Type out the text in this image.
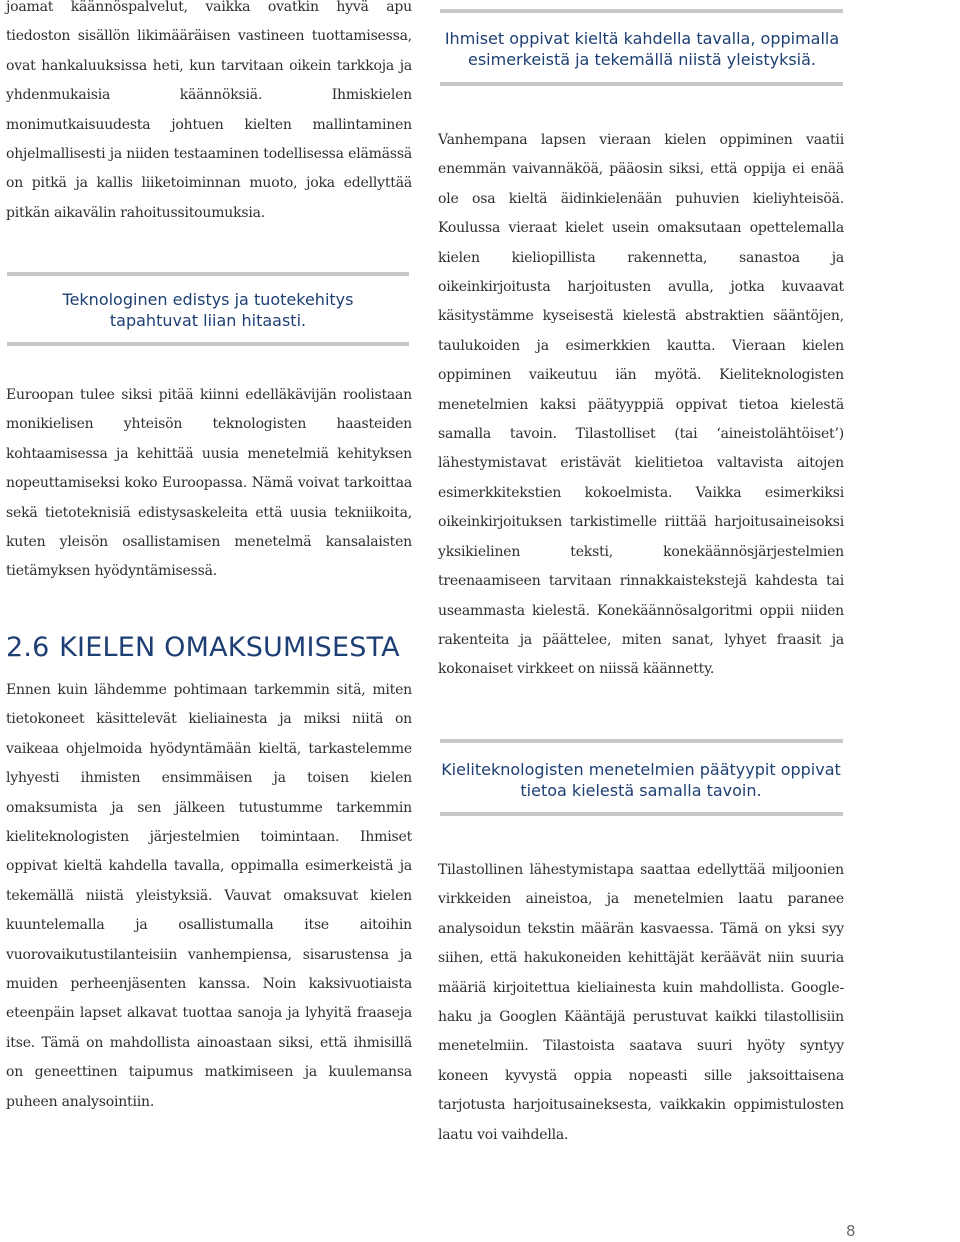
joamat käännöspalvelut, vaikka ovatkin hyvä apu tiedoston sisällön likimääräisen vastineen tuottamisessa, ovat hankaluuksissa heti, kun tarvitaan oikein tarkkoja ja yhdenmukaisia käännöksiä. Ihmiskielen monimutkaisuudesta johtuen kielten mallintaminen ohjelmallisesti ja niiden testaaminen todellisessa elämässä on pitkä ja kallis liiketoiminnan muoto, joka edellyttää pitkän aikavälin rahoitussitoumuksia.

Teknologinen edistys ja tuotekehitys tapahtuvat liian hitaasti.

Euroopan tulee siksi pitää kiinni edelläkävijän roolistaan monikielisen yhteisön teknologisten haasteiden kohtaamisessa ja kehittää uusia menetelmiä kehityksen nopeuttamiseksi koko Euroopassa. Nämä voivat tarkoittaa sekä tietoteknisiä edistysaskeleita että uusia tekniikoita, kuten yleisön osallistamisen menetelmä kansalaisten tietämyksen hyödyntämisessä.

2.6 KIELEN OMAKSUMISESTA

Ennen kuin lähdemme pohtimaan tarkemmin sitä, miten tietokoneet käsittelevät kieliainesta ja miksi niitä on vaikeaa ohjelmoida hyödyntämään kieltä, tarkastelemme lyhyesti ihmisten ensimmäisen ja toisen kielen omaksumista ja sen jälkeen tutustumme tarkemmin kieliteknologisten järjestelmien toimintaan. Ihmiset oppivat kieltä kahdella tavalla, oppimalla esimerkeistä ja tekemällä niistä yleistyksiä. Vauvat omaksuvat kielen kuuntelemalla ja osallistumalla itse aitoihin vuorovaikutustilanteisiin vanhempiensa, sisarustensa ja muiden perheenjäsenten kanssa. Noin kaksivuotiaista eteenpäin lapset alkavat tuottaa sanoja ja lyhyitä fraaseja itse. Tämä on mahdollista ainoastaan siksi, että ihmisillä on geneettinen taipumus matkimiseen ja kuulemansa puheen analysointiin.

Ihmiset oppivat kieltä kahdella tavalla, oppimalla esimerkeistä ja tekemällä niistä yleistyksiä.

Vanhempana lapsen vieraan kielen oppiminen vaatii enemmän vaivannäköä, pääosin siksi, että oppija ei enää ole osa kieltä äidinkielenään puhuvien kieliyhteisöä. Koulussa vieraat kielet usein omaksutaan opettelemalla kielen kieliopillista rakennetta, sanastoa ja oikeinkirjoitusta harjoitusten avulla, jotka kuvaavat käsitystämme kyseisestä kielestä abstraktien sääntöjen, taulukoiden ja esimerkkien kautta. Vieraan kielen oppiminen vaikeutuu iän myötä. Kieliteknologisten menetelmien kaksi päätyyppiä oppivat tietoa kielestä samalla tavoin. Tilastolliset (tai ‘aineistolähtöiset’) lähestymistavat eristävät kielitietoa valtavista aitojen esimerkkitekstien kokoelmista. Vaikka esimerkiksi oikeinkirjoituksen tarkistimelle riittää harjoitusaineisoksi yksikielinen teksti, konekäännösjärjestelmien treenaamiseen tarvitaan rinnakkaistekstejä kahdesta tai useammasta kielestä. Konekäännösalgoritmi oppii niiden rakenteita ja päättelee, miten sanat, lyhyet fraasit ja kokonaiset virkkeet on niissä käännetty.

Kieliteknologisten menetelmien päätyypit oppivat tietoa kielestä samalla tavoin.

Tilastollinen lähestymistapa saattaa edellyttää miljoonien virkkeiden aineistoa, ja menetelmien laatu paranee analysoidun tekstin määrän kasvaessa. Tämä on yksi syy siihen, että hakukoneiden kehittäjät keräävät niin suuria määriä kirjoitettua kieliainesta kuin mahdollista. Google-haku ja Googlen Kääntäjä perustuvat kaikki tilastollisiin menetelmiin. Tilastoista saatava suuri hyöty syntyy koneen kyvystä oppia nopeasti sille jaksoittaisena tarjotusta harjoitusaineksesta, vaikkakin oppimistulosten laatu voi vaihdella.

8
